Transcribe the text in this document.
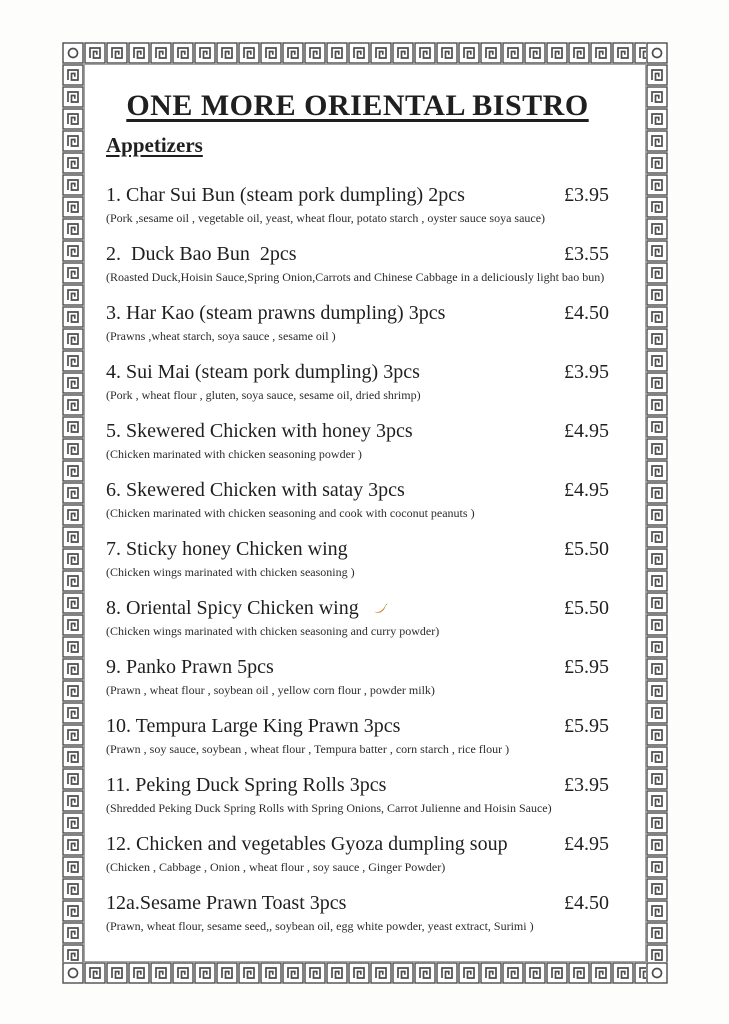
ONE MORE ORIENTAL BISTRO
Appetizers
1. Char Sui Bun (steam pork dumpling) 2pcs	£3.95
(Pork ,sesame oil , vegetable oil, yeast, wheat flour, potato starch , oyster sauce soya sauce)
2.  Duck Bao Bun  2pcs	£3.55
(Roasted Duck,Hoisin Sauce,Spring Onion,Carrots and Chinese Cabbage in a deliciously light bao bun)
3. Har Kao (steam prawns dumpling) 3pcs	£4.50
(Prawns ,wheat starch, soya sauce , sesame oil )
4. Sui Mai (steam pork dumpling) 3pcs	£3.95
(Pork , wheat flour , gluten, soya sauce, sesame oil, dried shrimp)
5. Skewered Chicken with honey 3pcs	£4.95
(Chicken marinated with chicken seasoning powder )
6. Skewered Chicken with satay 3pcs	£4.95
(Chicken marinated with chicken seasoning and cook with coconut peanuts )
7. Sticky honey Chicken wing	£5.50
(Chicken wings marinated with chicken seasoning )
8. Oriental Spicy Chicken wing	£5.50
(Chicken wings marinated with chicken seasoning and curry powder)
9. Panko Prawn 5pcs	£5.95
(Prawn , wheat flour , soybean oil , yellow corn flour , powder milk)
10. Tempura Large King Prawn 3pcs	£5.95
(Prawn , soy sauce, soybean , wheat flour , Tempura batter , corn starch , rice flour )
11. Peking Duck Spring Rolls 3pcs	£3.95
(Shredded Peking Duck Spring Rolls with Spring Onions, Carrot Julienne and Hoisin Sauce)
12. Chicken and vegetables Gyoza dumpling soup	£4.95
(Chicken , Cabbage , Onion , wheat flour , soy sauce , Ginger Powder)
12a.Sesame Prawn Toast 3pcs	£4.50
(Prawn, wheat flour, sesame seed,, soybean oil, egg white powder, yeast extract, Surimi )
